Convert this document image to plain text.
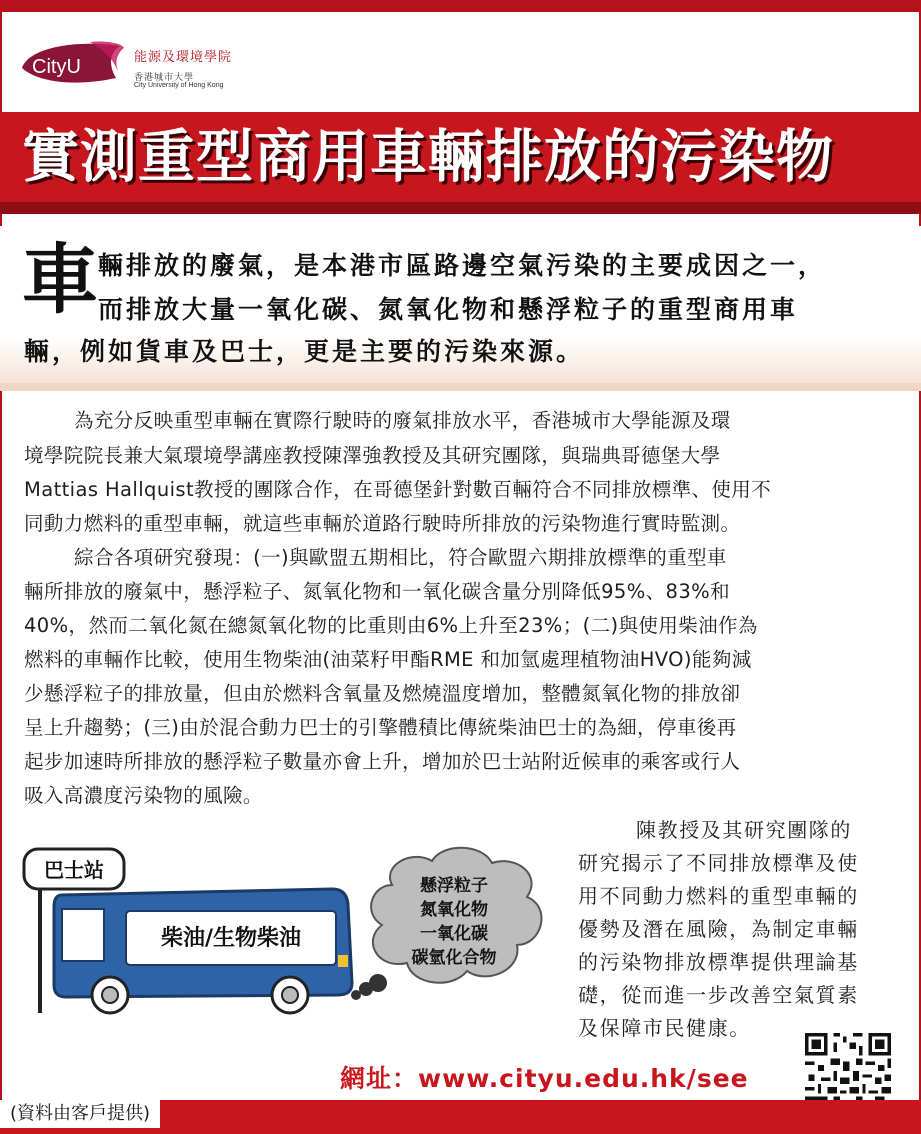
CityU	能源及環境學院
香港城市大學
City University of Hong Kong
實測重型商用車輛排放的污染物
車 輛排放的廢氣，是本港市區路邊空氣污染的主要成因之一，
而排放大量一氧化碳、氮氧化物和懸浮粒子的重型商用車
輛，例如貨車及巴士，更是主要的污染來源。
為充分反映重型車輛在實際行駛時的廢氣排放水平，香港城市大學能源及環
境學院院長兼大氣環境學講座教授陳澤強教授及其研究團隊，與瑞典哥德堡大學
Mattias Hallquist教授的團隊合作，在哥德堡針對數百輛符合不同排放標準、使用不
同動力燃料的重型車輛，就這些車輛於道路行駛時所排放的污染物進行實時監測。
綜合各項研究發現：(一)與歐盟五期相比，符合歐盟六期排放標準的重型車
輛所排放的廢氣中，懸浮粒子、氮氧化物和一氧化碳含量分別降低95%、83%和
40%，然而二氧化氮在總氮氧化物的比重則由6%上升至23%；(二)與使用柴油作為
燃料的車輛作比較，使用生物柴油(油菜籽甲酯RME 和加氫處理植物油HVO)能夠減
少懸浮粒子的排放量，但由於燃料含氧量及燃燒溫度增加，整體氮氧化物的排放卻
呈上升趨勢；(三)由於混合動力巴士的引擎體積比傳統柴油巴士的為細，停車後再
起步加速時所排放的懸浮粒子數量亦會上升，增加於巴士站附近候車的乘客或行人
吸入高濃度污染物的風險。
陳教授及其研究團隊的
研究揭示了不同排放標準及使
用不同動力燃料的重型車輛的
優勢及潛在風險，為制定車輛
的污染物排放標準提供理論基
礎，從而進一步改善空氣質素
及保障市民健康。
巴士站
柴油/生物柴油
懸浮粒子
氮氧化物
一氧化碳
碳氫化合物
網址：www.cityu.edu.hk/see
(資料由客戶提供)
